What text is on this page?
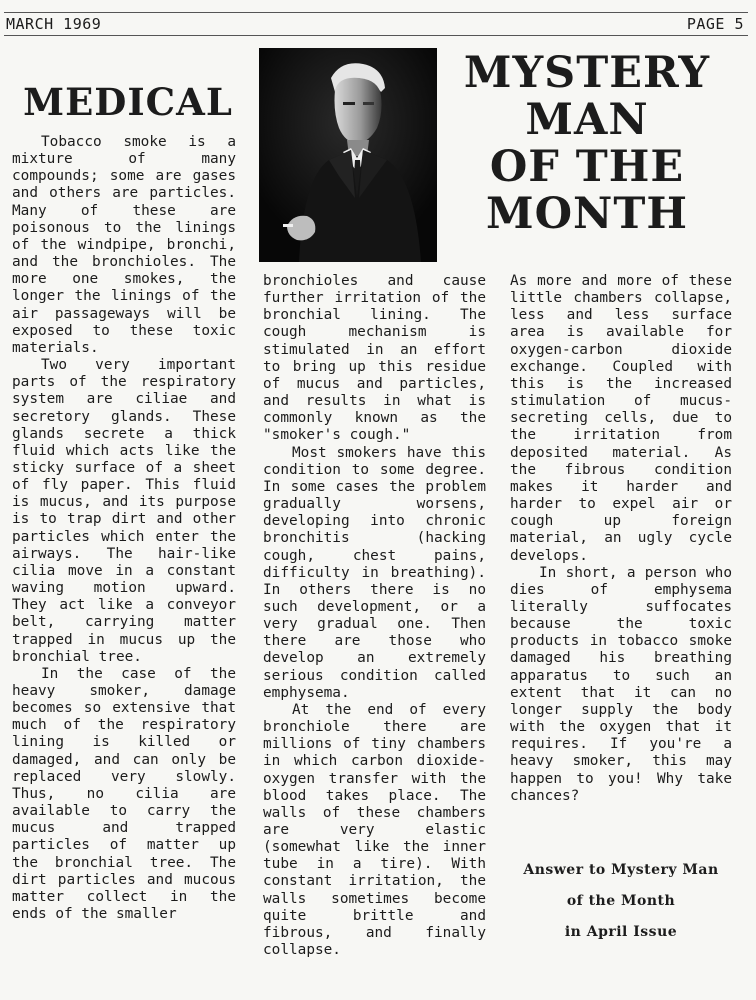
MARCH 1969	PAGE 5
MEDICAL
MYSTERY
MAN
OF THE
MONTH

Tobacco smoke is a mixture of many compounds; some are gases and others are particles. Many of these are poisonous to the linings of the windpipe, bronchi, and the bronchioles. The more one smokes, the longer the linings of the air passageways will be exposed to these toxic materials.

Two very important parts of the respiratory system are ciliae and secretory glands. These glands secrete a thick fluid which acts like the sticky surface of a sheet of fly paper. This fluid is mucus, and its purpose is to trap dirt and other particles which enter the airways. The hair-like cilia move in a constant waving motion upward. They act like a conveyor belt, carrying matter trapped in mucus up the bronchial tree.

In the case of the heavy smoker, damage becomes so extensive that much of the respiratory lining is killed or damaged, and can only be replaced very slowly. Thus, no cilia are available to carry the mucus and trapped particles of matter up the bronchial tree. The dirt particles and mucous matter collect in the ends of the smaller

bronchioles and cause further irritation of the bronchial lining. The cough mechanism is stimulated in an effort to bring up this residue of mucus and particles, and results in what is commonly known as the "smoker's cough."

Most smokers have this condition to some degree. In some cases the problem gradually worsens, developing into chronic bronchitis (hacking cough, chest pains, difficulty in breathing). In others there is no such development, or a very gradual one. Then there are those who develop an extremely serious condition called emphysema.

At the end of every bronchiole there are millions of tiny chambers in which carbon dioxide-oxygen transfer with the blood takes place. The walls of these chambers are very elastic (somewhat like the inner tube in a tire). With constant irritation, the walls sometimes become quite brittle and fibrous, and finally collapse.

As more and more of these little chambers collapse, less and less surface area is available for oxygen-carbon dioxide exchange. Coupled with this is the increased stimulation of mucus-secreting cells, due to the irritation from deposited material. As the fibrous condition makes it harder and harder to expel air or cough up foreign material, an ugly cycle develops.

In short, a person who dies of emphysema literally suffocates because the toxic products in tobacco smoke damaged his breathing apparatus to such an extent that it can no longer supply the body with the oxygen that it requires. If you're a heavy smoker, this may happen to you! Why take chances?

Answer to Mystery Man
of the Month
in April Issue
